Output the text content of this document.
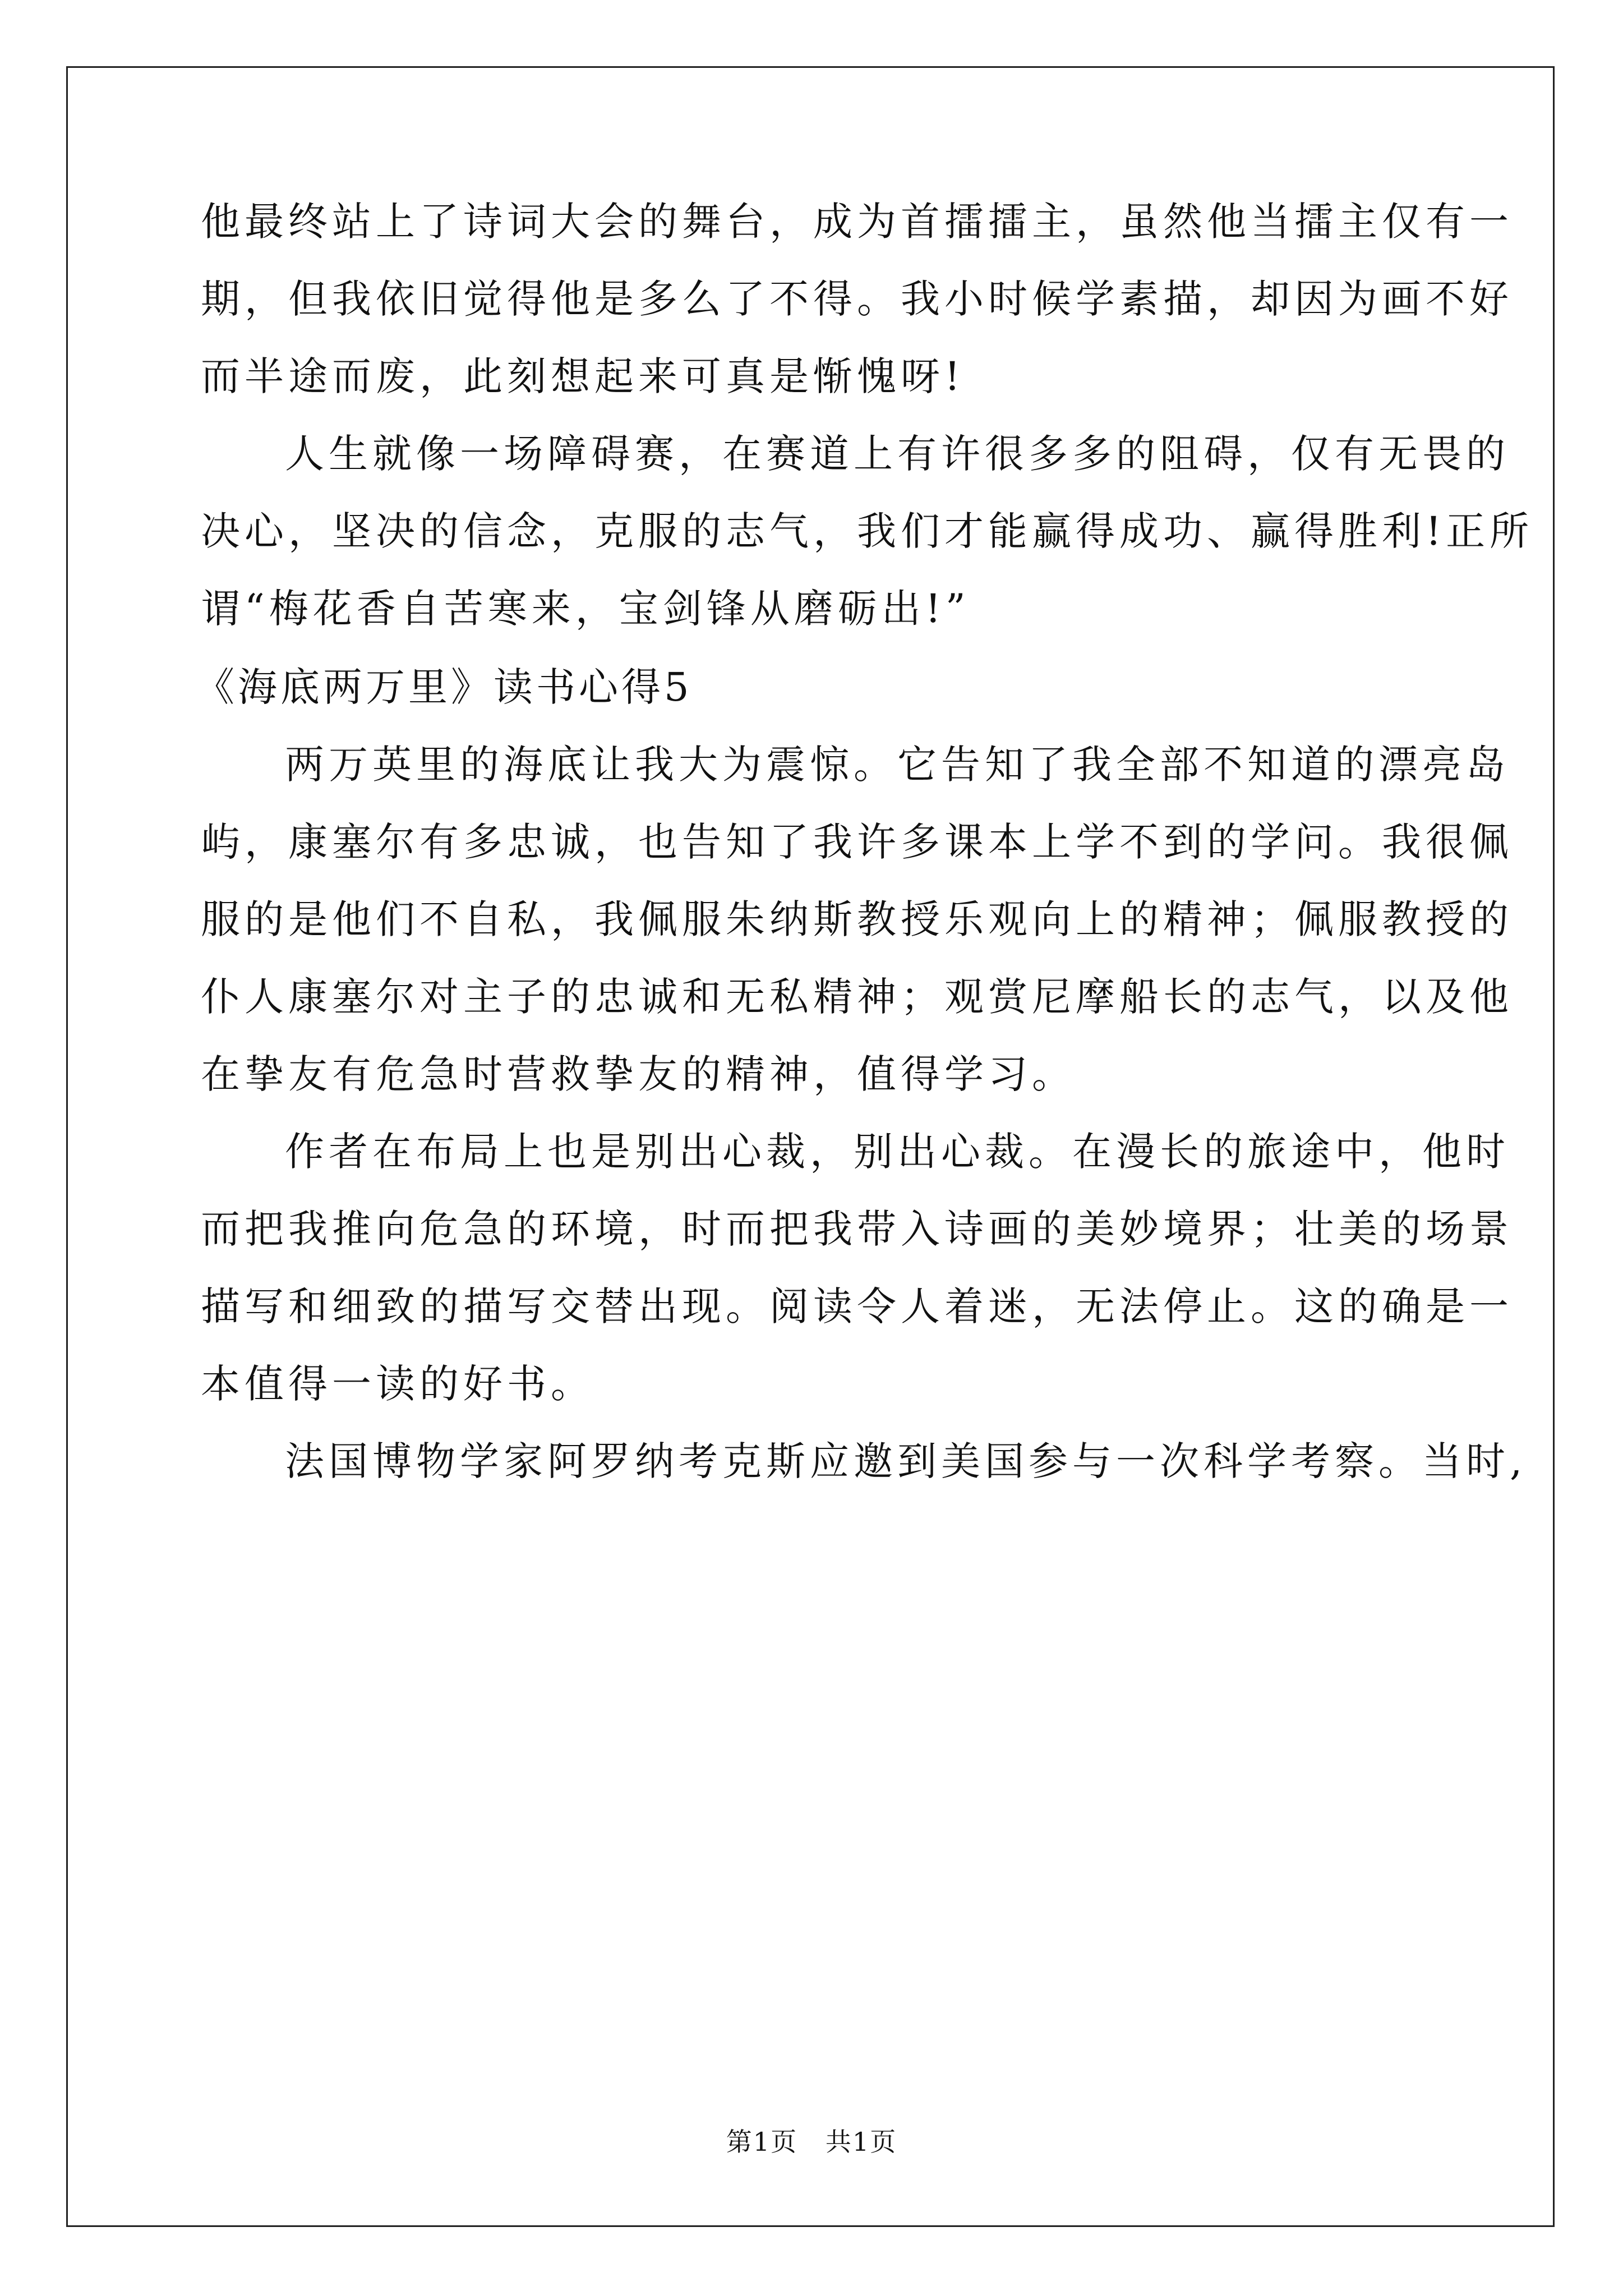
他最终站上了诗词大会的舞台，成为首擂擂主，虽然他当擂主仅有一
期，但我依旧觉得他是多么了不得。我小时候学素描，却因为画不好
而半途而废，此刻想起来可真是惭愧呀!
人生就像一场障碍赛，在赛道上有许很多多的阻碍，仅有无畏的
决心，坚决的信念，克服的志气，我们才能赢得成功、赢得胜利!正所
谓“梅花香自苦寒来，宝剑锋从磨砺出!”
《海底两万里》读书心得5
两万英里的海底让我大为震惊。它告知了我全部不知道的漂亮岛
屿，康塞尔有多忠诚，也告知了我许多课本上学不到的学问。我很佩
服的是他们不自私，我佩服朱纳斯教授乐观向上的精神；佩服教授的
仆人康塞尔对主子的忠诚和无私精神；观赏尼摩船长的志气，以及他
在挚友有危急时营救挚友的精神，值得学习。
作者在布局上也是别出心裁，别出心裁。在漫长的旅途中，他时
而把我推向危急的环境，时而把我带入诗画的美妙境界；壮美的场景
描写和细致的描写交替出现。阅读令人着迷，无法停止。这的确是一
本值得一读的好书。
法国博物学家阿罗纳考克斯应邀到美国参与一次科学考察。当时,
第1页   共1页
